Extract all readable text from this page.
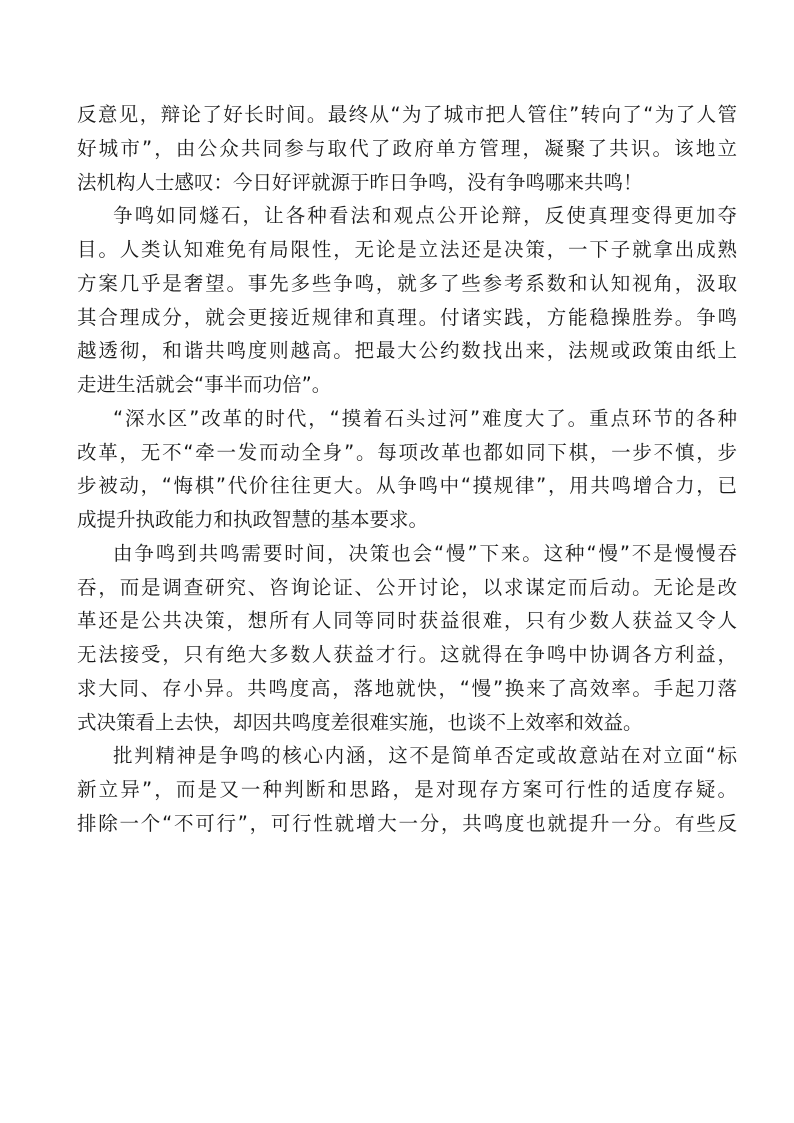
反意见，辩论了好长时间。最终从“为了城市把人管住”转向了“为了人管
好城市”，由公众共同参与取代了政府单方管理，凝聚了共识。该地立
法机构人士感叹：今日好评就源于昨日争鸣，没有争鸣哪来共鸣！
争鸣如同燧石，让各种看法和观点公开论辩，反使真理变得更加夺
目。人类认知难免有局限性，无论是立法还是决策，一下子就拿出成熟
方案几乎是奢望。事先多些争鸣，就多了些参考系数和认知视角，汲取
其合理成分，就会更接近规律和真理。付诸实践，方能稳操胜券。争鸣
越透彻，和谐共鸣度则越高。把最大公约数找出来，法规或政策由纸上
走进生活就会“事半而功倍”。
“深水区”改革的时代，“摸着石头过河”难度大了。重点环节的各种
改革，无不“牵一发而动全身”。每项改革也都如同下棋，一步不慎，步
步被动，“悔棋”代价往往更大。从争鸣中“摸规律”，用共鸣增合力，已
成提升执政能力和执政智慧的基本要求。
由争鸣到共鸣需要时间，决策也会“慢”下来。这种“慢”不是慢慢吞
吞，而是调查研究、咨询论证、公开讨论，以求谋定而后动。无论是改
革还是公共决策，想所有人同等同时获益很难，只有少数人获益又令人
无法接受，只有绝大多数人获益才行。这就得在争鸣中协调各方利益，
求大同、存小异。共鸣度高，落地就快，“慢”换来了高效率。手起刀落
式决策看上去快，却因共鸣度差很难实施，也谈不上效率和效益。
批判精神是争鸣的核心内涵，这不是简单否定或故意站在对立面“标
新立异”，而是又一种判断和思路，是对现存方案可行性的适度存疑。
排除一个“不可行”，可行性就增大一分，共鸣度也就提升一分。有些反
